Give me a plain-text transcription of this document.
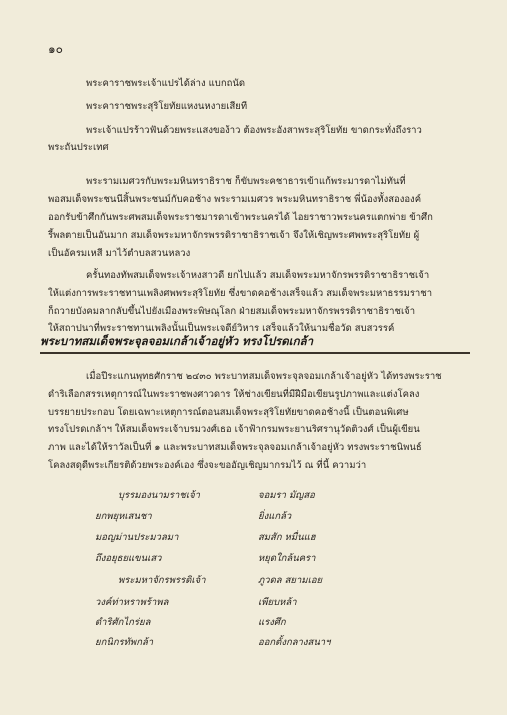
๑๐
พระคาราชพระเจ้าแปรได้ล่าง แบกถนัด
พระคาราชพระสุริโยทัยแหงนหงายเสียที
พระเจ้าแปรร้าวฟันด้วยพระแสงของ้าว ต้องพระอังสาพระสุริโยทัย ขาดกระทั่งถึงราว
พระถันประเทศ
พระรามเมศวรกับพระมหินทราธิราช ก็ขับพระคชาธารเข้าแก้พระมารดาไม่ทันที่
พอสมเด็จพระชนนีสิ้นพระชนม์กับคอช้าง พระรามเมศวร พระมหินทราธิราช พี่น้องทั้งสององค์
ออกรับข้าศึกกันพระศพสมเด็จพระราชมารดาเข้าพระนครได้ ไอยราชาวพระนครแตกพ่าย ข้าศึก
รี้พลตายเป็นอันมาก สมเด็จพระมหาจักรพรรดิราชาธิราชเจ้า จึงให้เชิญพระศพพระสุริโยทัย ผู้
เป็นอัครมเหสี มาไว้ตำบลสวนหลวง
ครั้นทองทัพสมเด็จพระเจ้าหงสาวดี ยกไปแล้ว สมเด็จพระมหาจักรพรรดิราชาธิราชเจ้า
ให้แต่งการพระราชทานเพลิงศพพระสุริโยทัย ซึ่งขาดคอช้างเสร็จแล้ว สมเด็จพระมหาธรรมราชา
ก็ถวายบังคมลากลับขึ้นไปยังเมืองพระพิษณุโลก ฝ่ายสมเด็จพระมหาจักรพรรดิราชาธิราชเจ้า
ให้สถาปนาที่พระราชทานเพลิงนั้นเป็นพระเจดีย์วิหาร เสร็จแล้วให้นามชื่อวัด สบสวรรค์
พระบาทสมเด็จพระจุลจอมเกล้าเจ้าอยู่หัว ทรงโปรดเกล้า
เมื่อปีระแกนพุทธศักราช ๒๔๓๐ พระบาทสมเด็จพระจุลจอมเกล้าเจ้าอยู่หัว ได้ทรงพระราช
ดำริเลือกสรรเหตุการณ์ในพระราชพงศาวดาร ให้ช่างเขียนที่มีฝีมือเขียนรูปภาพและแต่งโคลง
บรรยายประกอบ โดยเฉพาะเหตุการณ์ตอนสมเด็จพระสุริโยทัยขาดคอช้างนี้ เป็นตอนพิเศษ
ทรงโปรดเกล้าฯ ให้สมเด็จพระเจ้าบรมวงศ์เธอ เจ้าฟ้ากรมพระยานริศรานุวัดติวงศ์ เป็นผู้เขียน
ภาพ และได้ให้ราวัลเป็นที่ ๑ และพระบาทสมเด็จพระจุลจอมเกล้าเจ้าอยู่หัว ทรงพระราชนิพนธ์
โคลงสดุดีพระเกียรติด้วยพระองค์เอง ซึ่งจะขออัญเชิญมากรมไว้ ณ ที่นี้ ความว่า
บุรรมองนามราชเจ้า	จอมรา มัญสอ
ยกพยุหเสนชา	ยิ่งแกล้ว
มอญม่านประมวลมา	สมสัก หมื่นแฮ
ถึงอยุธยแขนเสว	หยุดใกล้นครา
พระมหาจักรพรรดิเจ้า	ภูวดล สยามเอย
วงค์ท่าหราพร้าพล	เพียบหล้า
ดำริศักไกร่ยล	แรงศึก
ยกนิกรทัพกล้า	ออกตั้งกลางสนาฯ
